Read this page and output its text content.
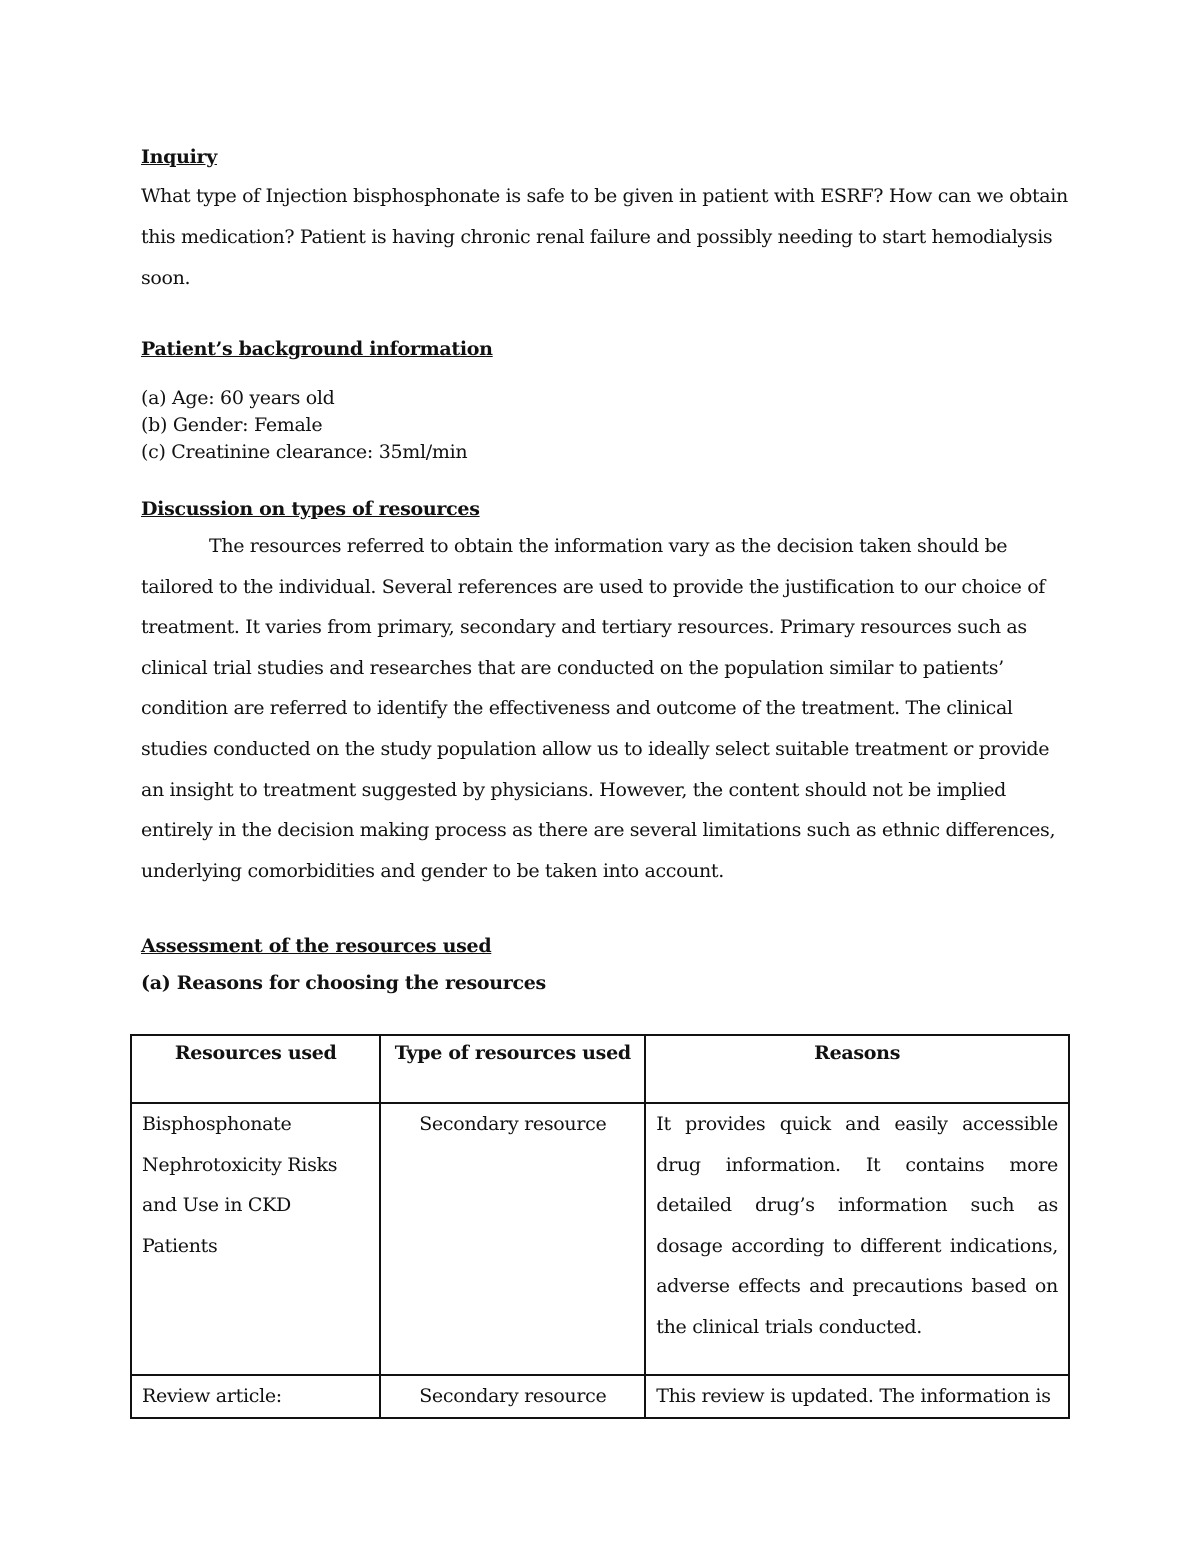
Inquiry

What type of Injection bisphosphonate is safe to be given in patient with ESRF? How can we obtain this medication? Patient is having chronic renal failure and possibly needing to start hemodialysis soon.

Patient’s background information

(a) Age: 60 years old
(b) Gender: Female
(c) Creatinine clearance: 35ml/min

Discussion on types of resources

The resources referred to obtain the information vary as the decision taken should be tailored to the individual. Several references are used to provide the justification to our choice of treatment. It varies from primary, secondary and tertiary resources. Primary resources such as clinical trial studies and researches that are conducted on the population similar to patients’ condition are referred to identify the effectiveness and outcome of the treatment. The clinical studies conducted on the study population allow us to ideally select suitable treatment or provide an insight to treatment suggested by physicians. However, the content should not be implied entirely in the decision making process as there are several limitations such as ethnic differences, underlying comorbidities and gender to be taken into account.

Assessment of the resources used

(a) Reasons for choosing the resources

Resources used	Type of resources used	Reasons
Bisphosphonate Nephrotoxicity Risks and Use in CKD Patients	Secondary resource	It provides quick and easily accessible drug information. It contains more detailed drug’s information such as dosage according to different indications, adverse effects and precautions based on the clinical trials conducted.
Review article:	Secondary resource	This review is updated. The information is
